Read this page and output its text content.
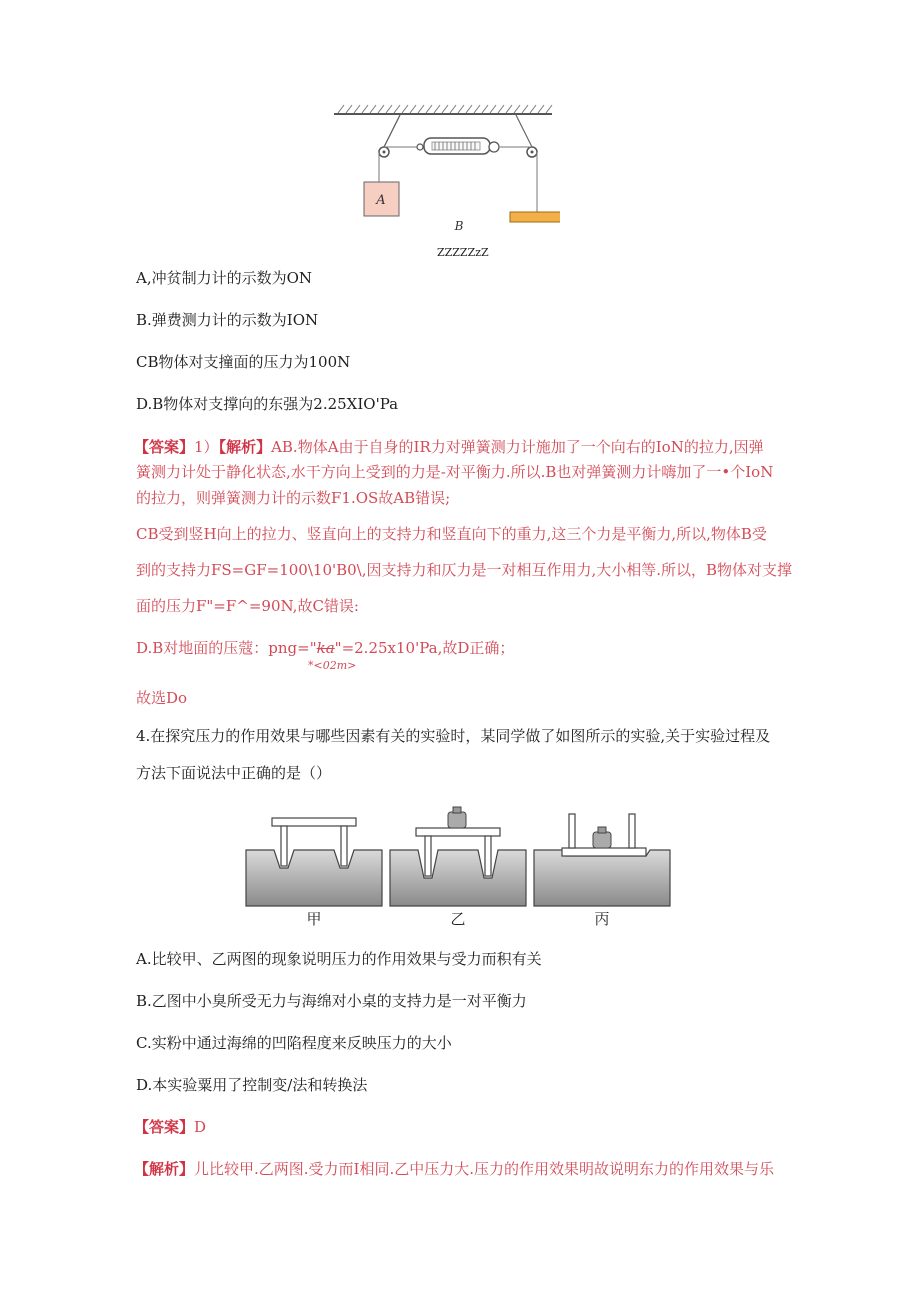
A
B
ZZZZZzZ
A,冲贫制力计的示数为ON
B.弹费测力计的示数为ION
CB物体对支撞面的压力为100N
D.B物体对支撑向的东强为2.25XIO'Pa
【答案】1）【解析】AB.物体A由于自身的IR力对弹簧测力计施加了一个向右的IoN的拉力,因弹
簧测力计处于静化状态,水干方向上受到的力是-对平衡力.所以.B也对弹簧测力计嗨加了一•个IoN
的拉力，则弹簧测力计的示数F1.OS故AB错误;
CB受到竖H向上的拉力、竖直向上的支持力和竖直向下的重力,这三个力是平衡力,所以,物体B受
到的支持力FS=GF=100\10'B0\,因支持力和仄力是一对相互作用力,大小相等.所以，B物体对支撑
面的压力F"=F^=90N,故C错误:
D.B对地面的压蔻：png="ka"=2.25x10'Pa,故D正确；
*<02m>
故选Do
4.在探究压力的作用效果与哪些因素有关的实验时，某同学做了如图所示的实验,关于实验过程及
方法下面说法中正确的是（）
甲	乙	丙
A.比较甲、乙两图的现象说明压力的作用效果与受力而积有关
B.乙图中小臭所受无力与海绵对小桌的支持力是一对平衡力
C.实粉中通过海绵的凹陷程度来反映压力的大小
D.本实验粟用了控制变/法和转换法
【答案】D
【解析】儿比较甲.乙两图.受力而I相同.乙中压力大.压力的作用效果明故说明东力的作用效果与乐
